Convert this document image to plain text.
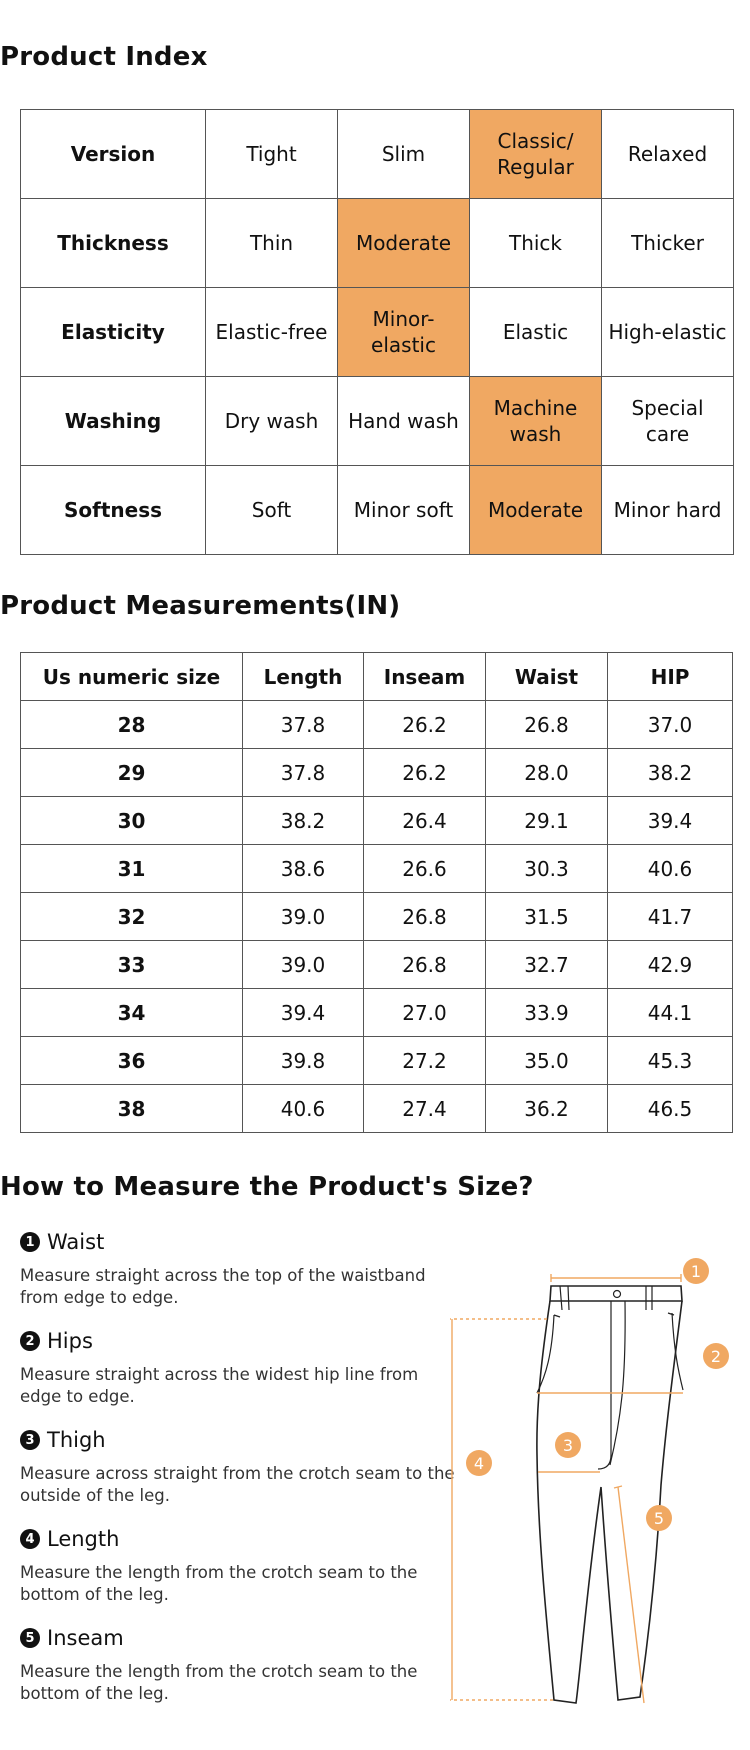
Product Index
Version	Tight	Slim	Classic/ Regular	Relaxed
Thickness	Thin	Moderate	Thick	Thicker
Elasticity	Elastic-free	Minor-elastic	Elastic	High-elastic
Washing	Dry wash	Hand wash	Machine wash	Special care
Softness	Soft	Minor soft	Moderate	Minor hard
Product Measurements(IN)
Us numeric size	Length	Inseam	Waist	HIP
28	37.8	26.2	26.8	37.0
29	37.8	26.2	28.0	38.2
30	38.2	26.4	29.1	39.4
31	38.6	26.6	30.3	40.6
32	39.0	26.8	31.5	41.7
33	39.0	26.8	32.7	42.9
34	39.4	27.0	33.9	44.1
36	39.8	27.2	35.0	45.3
38	40.6	27.4	36.2	46.5
How to Measure the Product's Size?
1 Waist
Measure straight across the top of the waistband from edge to edge.
2 Hips
Measure straight across the widest hip line from edge to edge.
3 Thigh
Measure across straight from the crotch seam to the outside of the leg.
4 Length
Measure the length from the crotch seam to the bottom of the leg.
5 Inseam
Measure the length from the crotch seam to the bottom of the leg.
1
2
3
4
5
